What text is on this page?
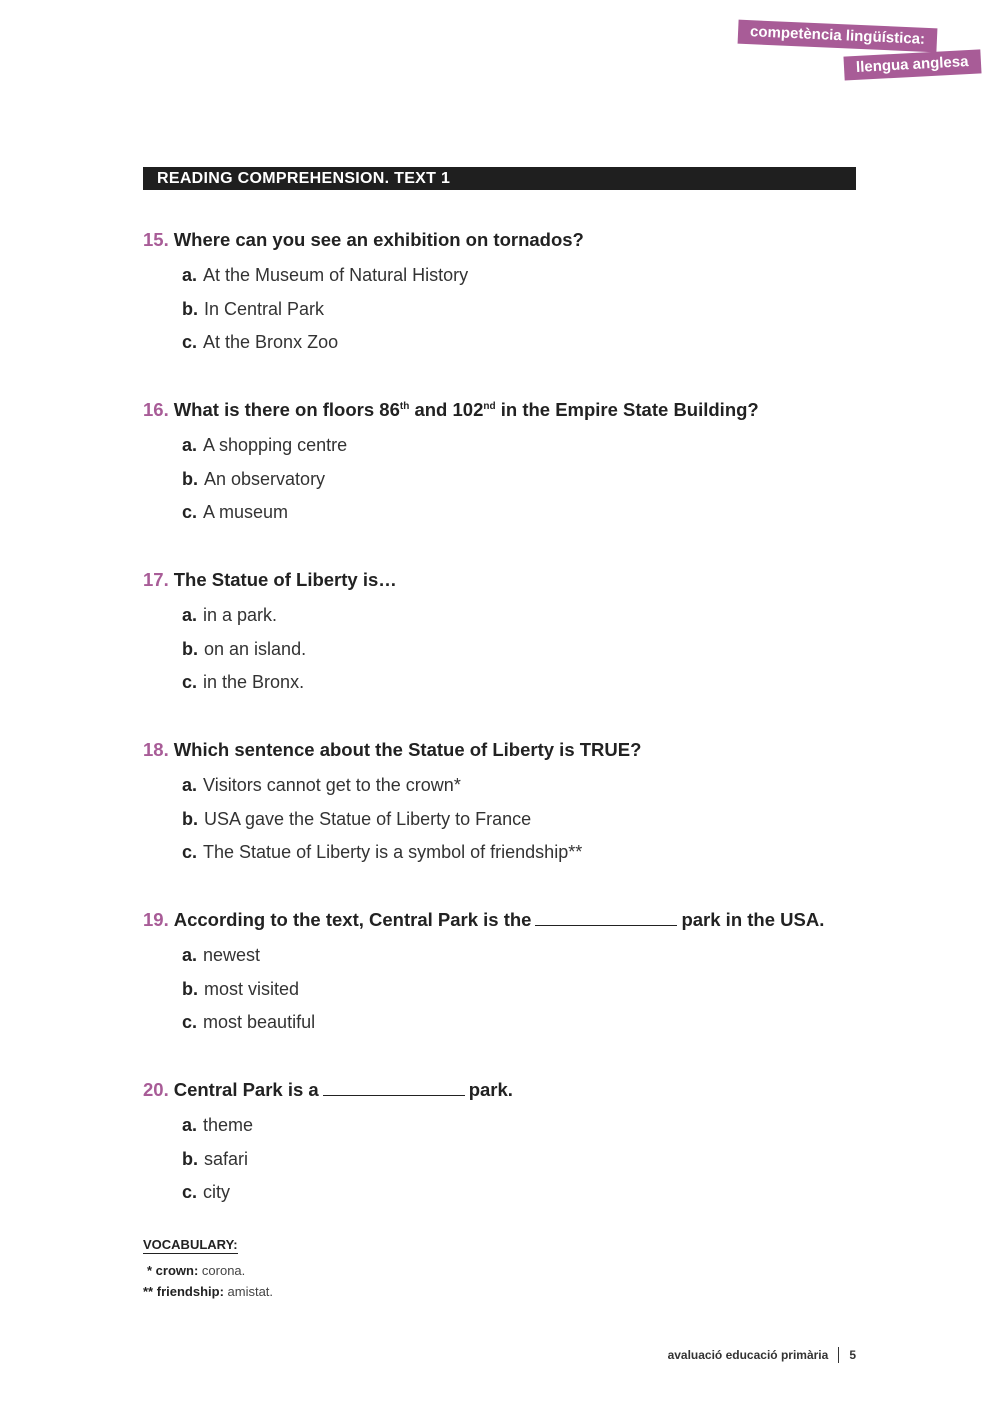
competència lingüística:
llengua anglesa
READING COMPREHENSION. TEXT 1
15. Where can you see an exhibition on tornados?
a. At the Museum of Natural History
b. In Central Park
c. At the Bronx Zoo
16. What is there on floors 86th and 102nd in the Empire State Building?
a. A shopping centre
b. An observatory
c. A museum
17. The Statue of Liberty is…
a. in a park.
b. on an island.
c. in the Bronx.
18. Which sentence about the Statue of Liberty is TRUE?
a. Visitors cannot get to the crown*
b. USA gave the Statue of Liberty to France
c. The Statue of Liberty is a symbol of friendship**
19. According to the text, Central Park is the	park in the USA.
a. newest
b. most visited
c. most beautiful
20. Central Park is a	park.
a. theme
b. safari
c. city
VOCABULARY:
* crown: corona.
** friendship: amistat.
avaluació educació primària 5
